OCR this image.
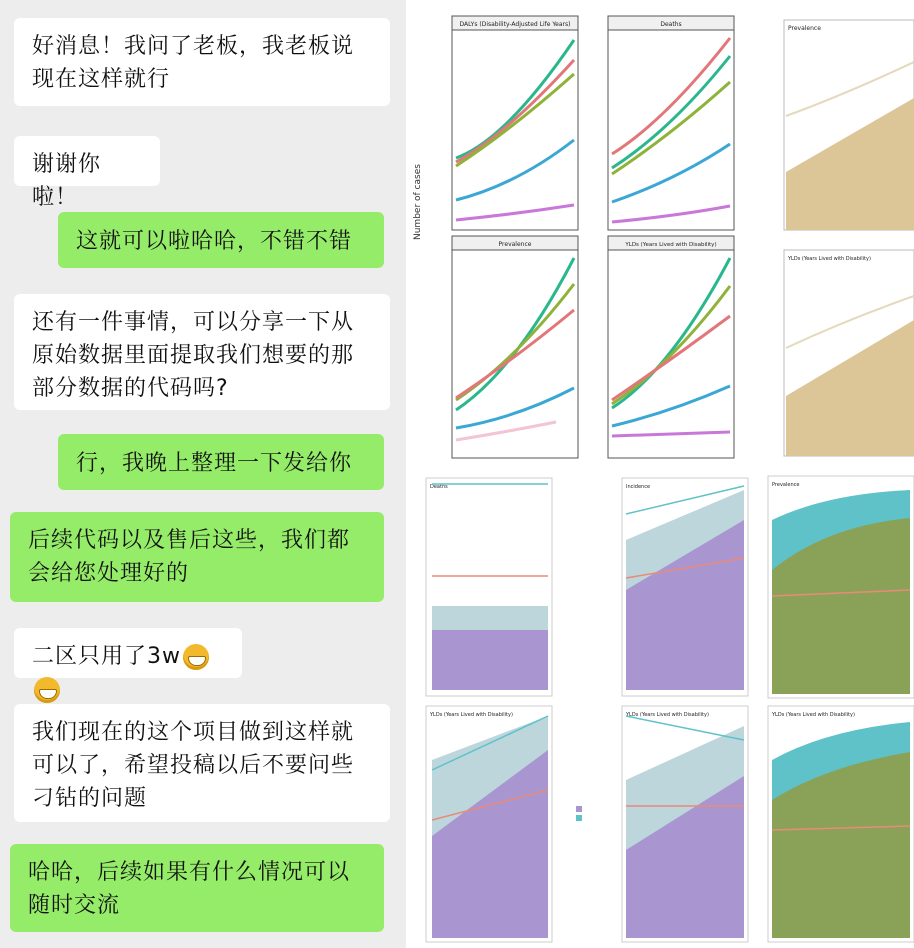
好消息！我问了老板，我老板说
现在这样就行
谢谢你啦！
这就可以啦哈哈，不错不错
还有一件事情，可以分享一下从
原始数据里面提取我们想要的那
部分数据的代码吗?
行，我晚上整理一下发给你
后续代码以及售后这些，我们都
会给您处理好的
二区只用了3w
我们现在的这个项目做到这样就
可以了，希望投稿以后不要问些
刁钻的问题
哈哈，后续如果有什么情况可以
随时交流
Number of cases
DALYs (Disability-Adjusted Life Years)	Deaths
Prevalence
Prevalence	YLDs (Years Lived with Disability)
YLDs (Years Lived with Disability)
Deaths	Incidence	Prevalence
YLDs (Years Lived with Disability)	YLDs (Years Lived with Disability)	YLDs (Years Lived with Disability)
